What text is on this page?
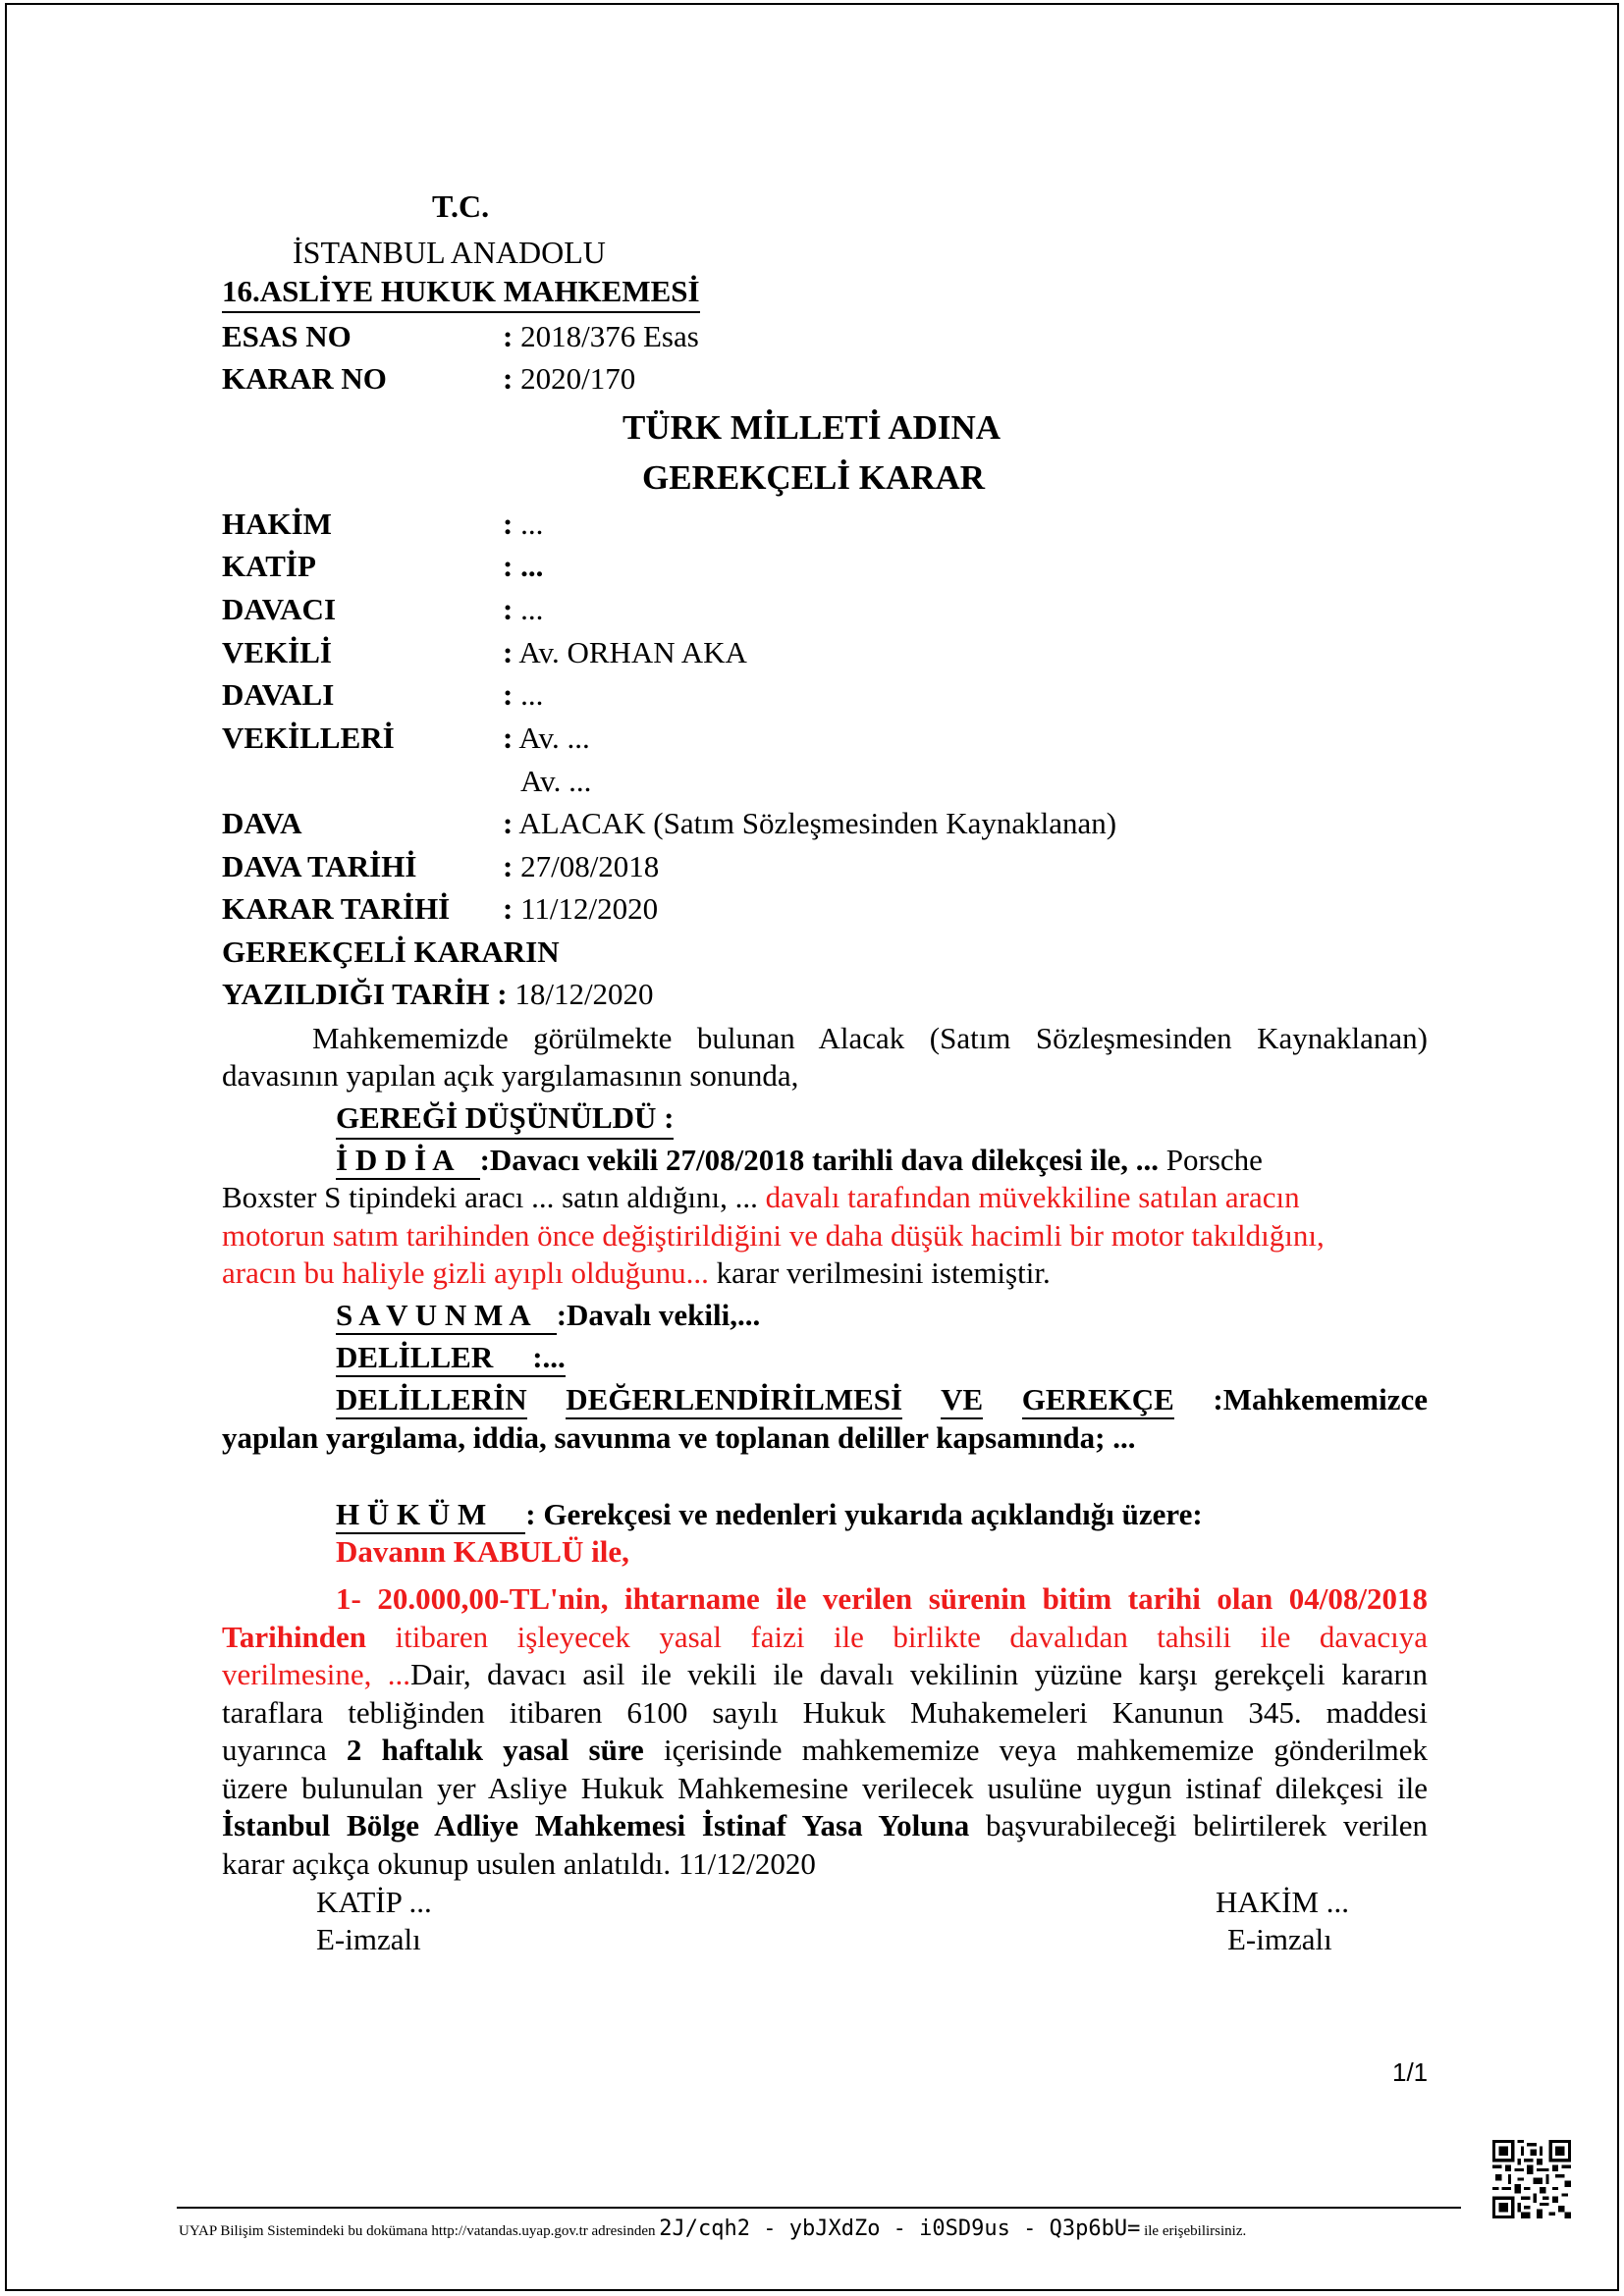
T.C.
İSTANBUL ANADOLU
16.ASLİYE HUKUK MAHKEMESİ
ESAS NO	: 2018/376 Esas
KARAR NO	: 2020/170
TÜRK MİLLETİ ADINA
GEREKÇELİ KARAR
HAKİM	: ...
KATİP	: ...
DAVACI	: ...
VEKİLİ	: Av. ORHAN AKA
DAVALI	: ...
VEKİLLERİ	: Av. ...
Av. ...
DAVA	: ALACAK (Satım Sözleşmesinden Kaynaklanan)
DAVA TARİHİ	: 27/08/2018
KARAR TARİHİ : 11/12/2020
GEREKÇELİ KARARIN
YAZILDIĞI TARİH : 18/12/2020
Mahkememizde görülmekte bulunan Alacak (Satım Sözleşmesinden Kaynaklanan)
davasının yapılan açık yargılamasının sonunda,
GEREĞİ DÜŞÜNÜLDÜ :
İ D D İ A :Davacı vekili 27/08/2018 tarihli dava dilekçesi ile, ... Porsche
Boxster S tipindeki aracı ... satın aldığını, ... davalı tarafından müvekkiline satılan aracın
motorun satım tarihinden önce değiştirildiğini ve daha düşük hacimli bir motor takıldığını,
aracın bu haliyle gizli ayıplı olduğunu... karar verilmesini istemiştir.
S A V U N M A :Davalı vekili,...
DELİLLER :...
DELİLLERİN DEĞERLENDİRİLMESİ VE GEREKÇE :Mahkememizce
yapılan yargılama, iddia, savunma ve toplanan deliller kapsamında; ...
H Ü K Ü M : Gerekçesi ve nedenleri yukarıda açıklandığı üzere:
Davanın KABULÜ ile,
1- 20.000,00-TL'nin, ihtarname ile verilen sürenin bitim tarihi olan 04/08/2018
Tarihinden itibaren işleyecek yasal faizi ile birlikte davalıdan tahsili ile davacıya
verilmesine, ...Dair, davacı asil ile vekili ile davalı vekilinin yüzüne karşı gerekçeli kararın
taraflara tebliğinden itibaren 6100 sayılı Hukuk Muhakemeleri Kanunun 345. maddesi
uyarınca 2 haftalık yasal süre içerisinde mahkememize veya mahkememize gönderilmek
üzere bulunulan yer Asliye Hukuk Mahkemesine verilecek usulüne uygun istinaf dilekçesi ile
İstanbul Bölge Adliye Mahkemesi İstinaf Yasa Yoluna başvurabileceği belirtilerek verilen
karar açıkça okunup usulen anlatıldı. 11/12/2020
KATİP ...
E-imzalı
HAKİM ...
E-imzalı
1/1
UYAP Bilişim Sistemindeki bu dokümana http://vatandas.uyap.gov.tr adresinden 2J/cqh2 - ybJXdZo - i0SD9us - Q3p6bU= ile erişebilirsiniz.
